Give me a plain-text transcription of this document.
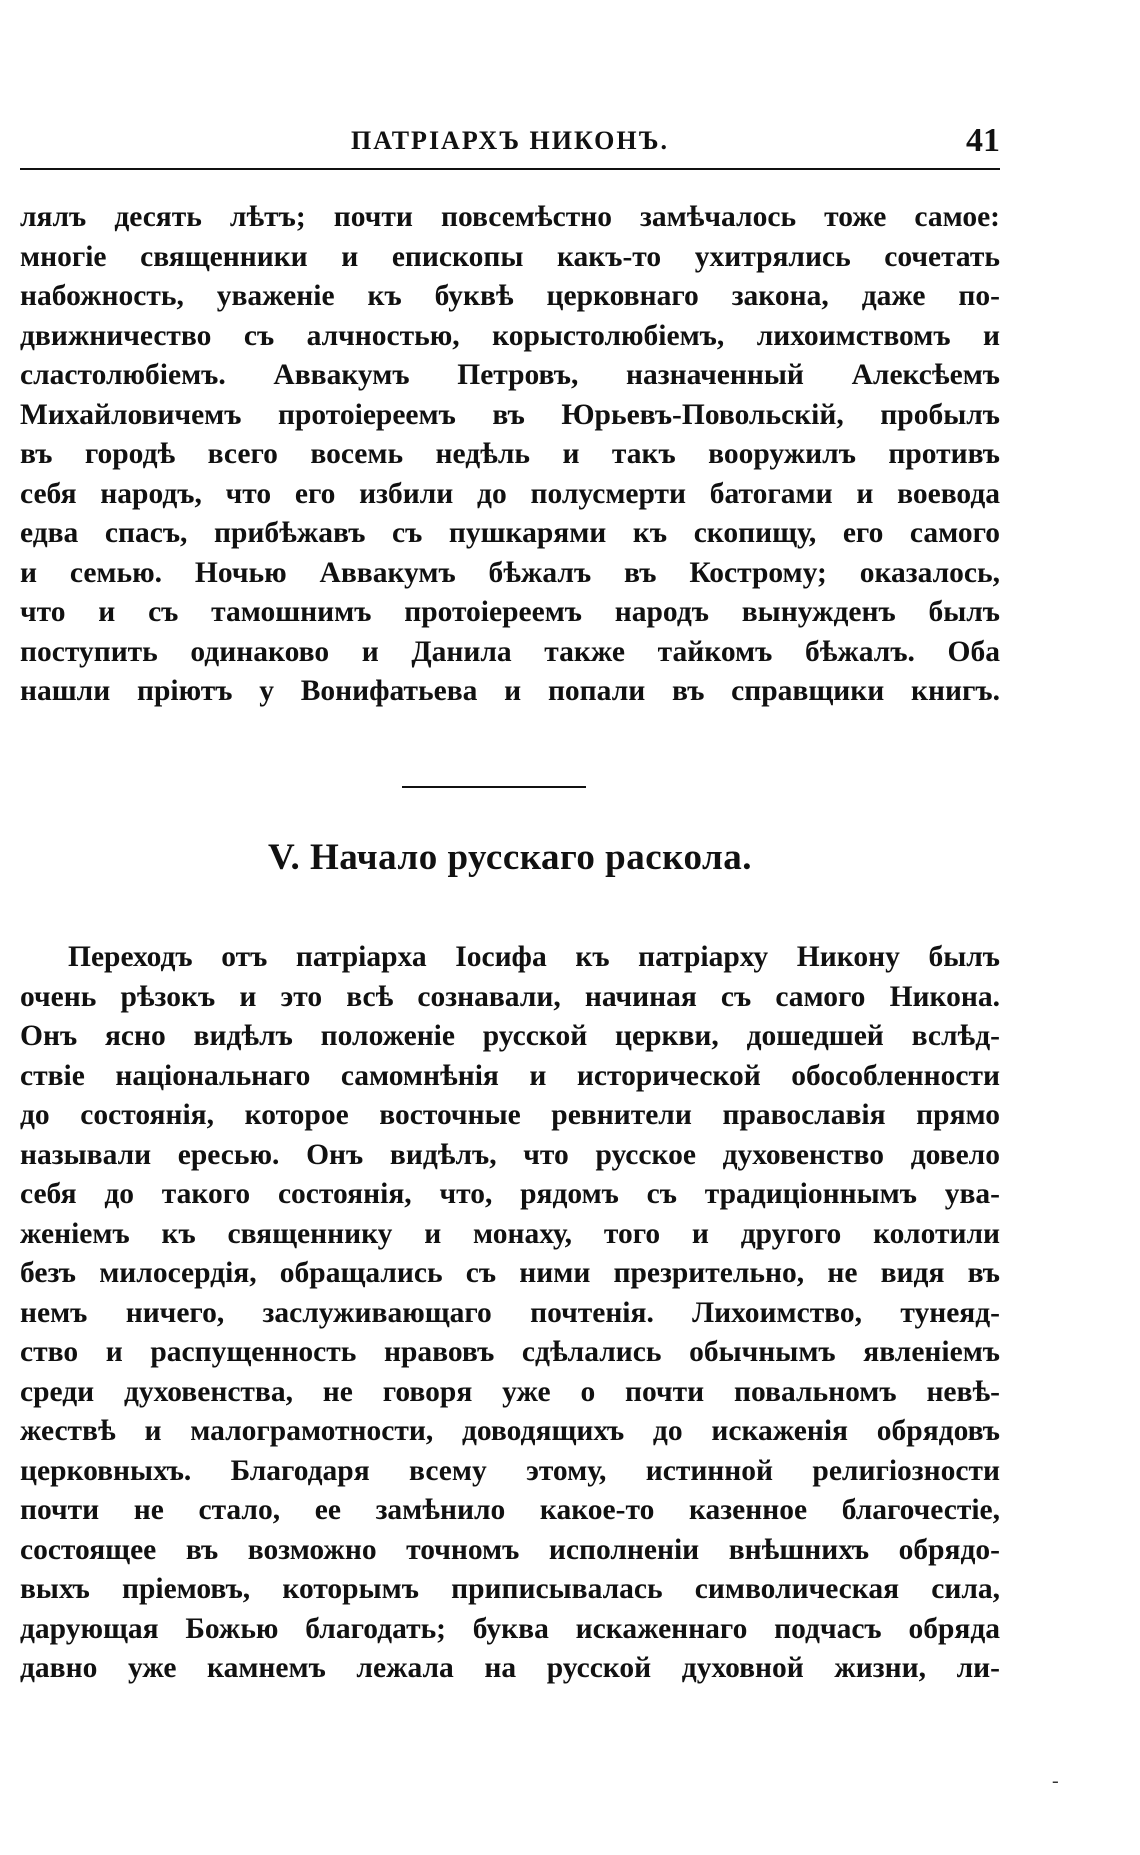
ПАТРІАРХЪ НИКОНЪ.	41
лялъ десять лѣтъ; почти повсемѣстно замѣчалось тоже самое:
многіе священники и епископы какъ-то ухитрялись сочетать
набожность, уваженіе къ буквѣ церковнаго закона, даже по-
движничество съ алчностью, корыстолюбіемъ, лихоимствомъ и
сластолюбіемъ. Аввакумъ Петровъ, назначенный Алексѣемъ
Михайловичемъ протоіереемъ въ Юрьевъ-Повольскій, пробылъ
въ городѣ всего восемь недѣль и такъ вооружилъ противъ
себя народъ, что его избили до полусмерти батогами и воевода
едва спасъ, прибѣжавъ съ пушкарями къ скопищу, его самого
и семью. Ночью Аввакумъ бѣжалъ въ Кострому; оказалось,
что и съ тамошнимъ протоіереемъ народъ вынужденъ былъ
поступить одинаково и Данила также тайкомъ бѣжалъ. Оба
нашли пріютъ у Вонифатьева и попали въ справщики книгъ.
V. Начало русскаго раскола.
Переходъ отъ патріарха Іосифа къ патріарху Никону былъ
очень рѣзокъ и это всѣ сознавали, начиная съ самого Никона.
Онъ ясно видѣлъ положеніе русской церкви, дошедшей вслѣд-
ствіе національнаго самомнѣнія и исторической обособленности
до состоянія, которое восточные ревнители православія прямо
называли ересью. Онъ видѣлъ, что русское духовенство довело
себя до такого состоянія, что, рядомъ съ традиціоннымъ ува-
женіемъ къ священнику и монаху, того и другого колотили
безъ милосердія, обращались съ ними презрительно, не видя въ
немъ ничего, заслуживающаго почтенія. Лихоимство, тунеяд-
ство и распущенность нравовъ сдѣлались обычнымъ явленіемъ
среди духовенства, не говоря уже о почти повальномъ невѣ-
жествѣ и малограмотности, доводящихъ до искаженія обрядовъ
церковныхъ. Благодаря всему этому, истинной религіозности
почти не стало, ее замѣнило какое-то казенное благочестіе,
состоящее въ возможно точномъ исполненіи внѣшнихъ обрядо-
выхъ пріемовъ, которымъ приписывалась символическая сила,
дарующая Божью благодать; буква искаженнаго подчасъ обряда
давно уже камнемъ лежала на русской духовной жизни, ли-
-
